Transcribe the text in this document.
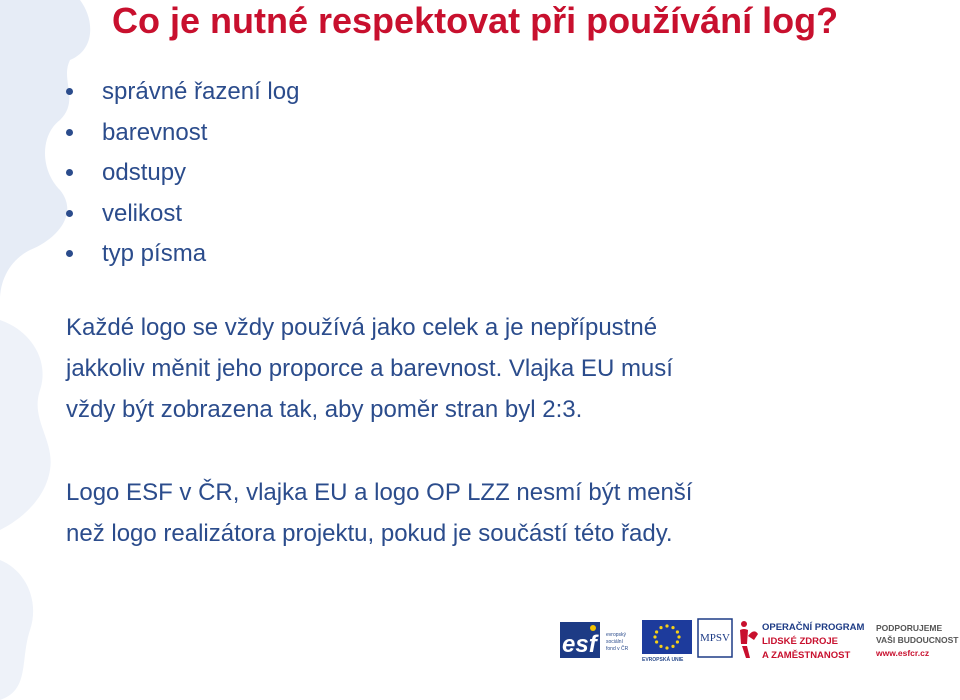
Co je nutné respektovat při používání log?
správné řazení log
barevnost
odstupy
velikost
typ písma

Každé logo se vždy používá jako celek a je nepřípustné
jakkoliv měnit jeho proporce a barevnost. Vlajka EU musí
vždy být zobrazena tak, aby poměr stran byl 2:3.

Logo ESF v ČR, vlajka EU a logo OP LZZ nesmí být menší
než logo realizátora projektu, pokud je součástí této řady.

esf	evropský
sociální
fond v ČR
EVROPSKÁ UNIE
MPSV
OPERAČNÍ PROGRAM
LIDSKÉ ZDROJE
A ZAMĚSTNANOST
PODPORUJEME
VAŠI BUDOUCNOST
www.esfcr.cz
